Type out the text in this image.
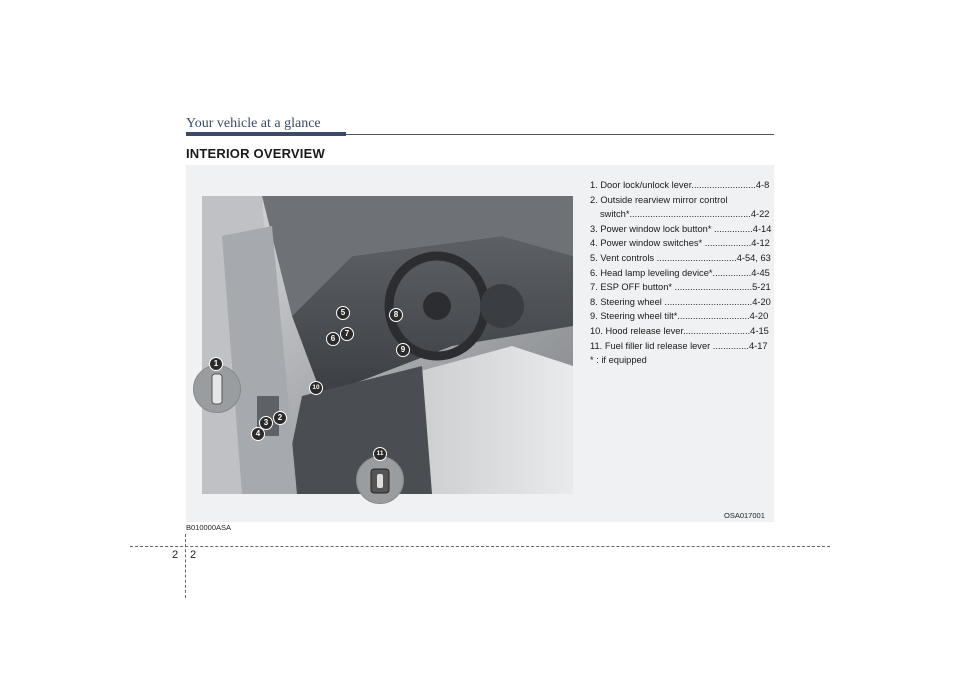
Your vehicle at a glance
INTERIOR OVERVIEW
1
2
3
4
5
6
7
8
9
10
11
1. Door lock/unlock lever.........................4-8
2. Outside rearview mirror control
switch*...............................................4-22
3. Power window lock button* ...............4-14
4. Power window switches* ..................4-12
5. Vent controls ...............................4-54, 63
6. Head lamp leveling device*...............4-45
7. ESP OFF button* ..............................5-21
8. Steering wheel ..................................4-20
9. Steering wheel tilt*............................4-20
10. Hood release lever..........................4-15
11. Fuel filler lid release lever ..............4-17
* : if equipped
OSA017001
B010000ASA
2 2
